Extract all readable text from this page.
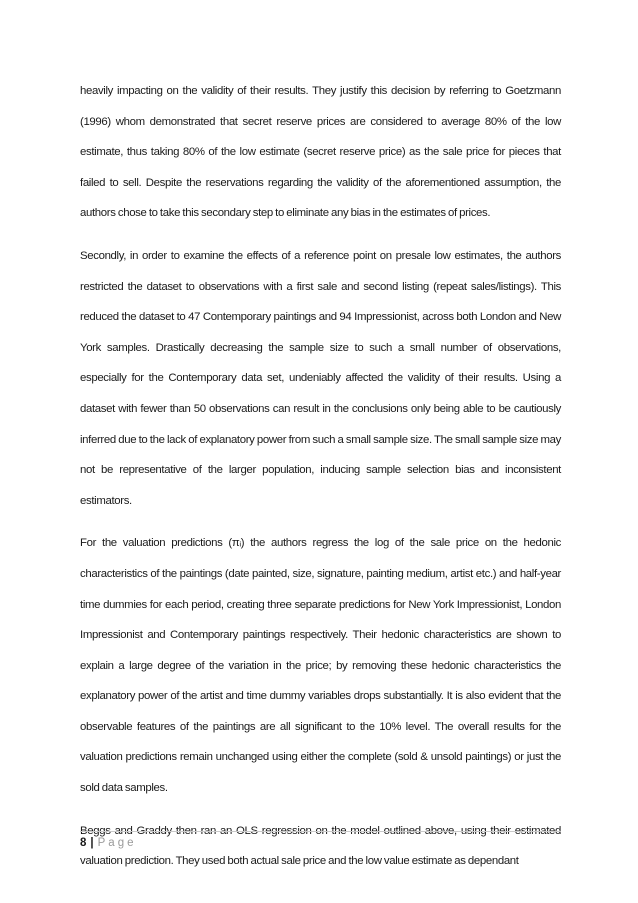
heavily impacting on the validity of their results. They justify this decision by referring to Goetzmann (1996) whom demonstrated that secret reserve prices are considered to average 80% of the low estimate, thus taking 80% of the low estimate (secret reserve price) as the sale price for pieces that failed to sell. Despite the reservations regarding the validity of the aforementioned assumption, the authors chose to take this secondary step to eliminate any bias in the estimates of prices.

Secondly, in order to examine the effects of a reference point on presale low estimates, the authors restricted the dataset to observations with a first sale and second listing (repeat sales/listings). This reduced the dataset to 47 Contemporary paintings and 94 Impressionist, across both London and New York samples. Drastically decreasing the sample size to such a small number of observations, especially for the Contemporary data set, undeniably affected the validity of their results. Using a dataset with fewer than 50 observations can result in the conclusions only being able to be cautiously inferred due to the lack of explanatory power from such a small sample size. The small sample size may not be representative of the larger population, inducing sample selection bias and inconsistent estimators.

For the valuation predictions (πᵢ) the authors regress the log of the sale price on the hedonic characteristics of the paintings (date painted, size, signature, painting medium, artist etc.) and half-year time dummies for each period, creating three separate predictions for New York Impressionist, London Impressionist and Contemporary paintings respectively. Their hedonic characteristics are shown to explain a large degree of the variation in the price; by removing these hedonic characteristics the explanatory power of the artist and time dummy variables drops substantially. It is also evident that the observable features of the paintings are all significant to the 10% level. The overall results for the valuation predictions remain unchanged using either the complete (sold & unsold paintings) or just the sold data samples.

Beggs and Graddy then ran an OLS regression on the model outlined above, using their estimated valuation prediction. They used both actual sale price and the low value estimate as dependant

8 | Page
